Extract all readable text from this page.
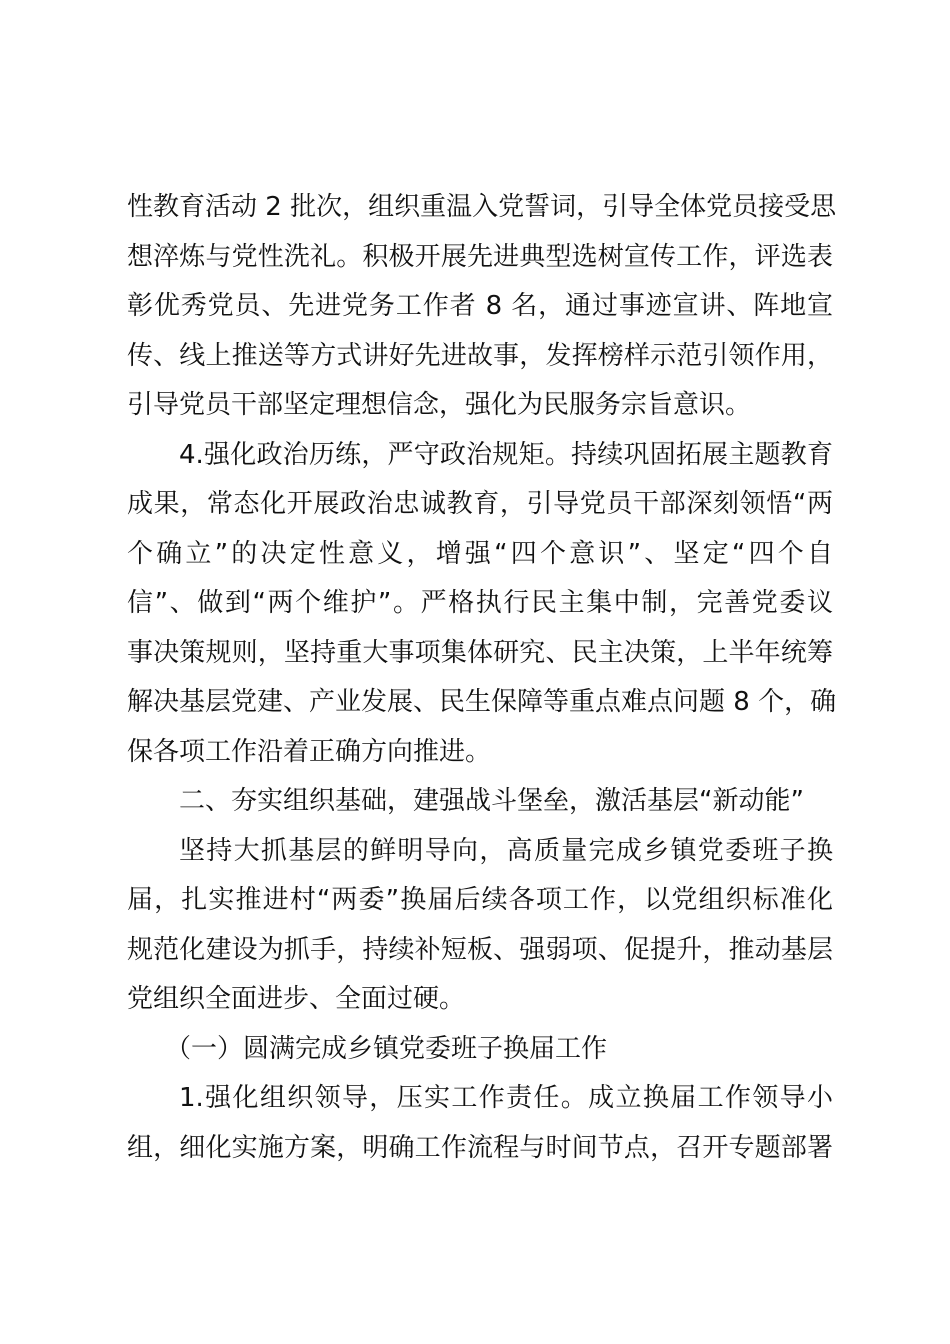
性教育活动 2 批次，组织重温入党誓词，引导全体党员接受思
想淬炼与党性洗礼。积极开展先进典型选树宣传工作，评选表
彰优秀党员、先进党务工作者 8 名，通过事迹宣讲、阵地宣
传、线上推送等方式讲好先进故事，发挥榜样示范引领作用，
引导党员干部坚定理想信念，强化为民服务宗旨意识。

4.强化政治历练，严守政治规矩。持续巩固拓展主题教育
成果，常态化开展政治忠诚教育，引导党员干部深刻领悟“两
个确立”的决定性意义，增强“四个意识”、坚定“四个自
信”、做到“两个维护”。严格执行民主集中制，完善党委议
事决策规则，坚持重大事项集体研究、民主决策，上半年统筹
解决基层党建、产业发展、民生保障等重点难点问题 8 个，确
保各项工作沿着正确方向推进。

二、夯实组织基础，建强战斗堡垒，激活基层“新动能”

坚持大抓基层的鲜明导向，高质量完成乡镇党委班子换
届，扎实推进村“两委”换届后续各项工作，以党组织标准化
规范化建设为抓手，持续补短板、强弱项、促提升，推动基层
党组织全面进步、全面过硬。

（一）圆满完成乡镇党委班子换届工作

1.强化组织领导，压实工作责任。成立换届工作领导小
组，细化实施方案，明确工作流程与时间节点，召开专题部署
